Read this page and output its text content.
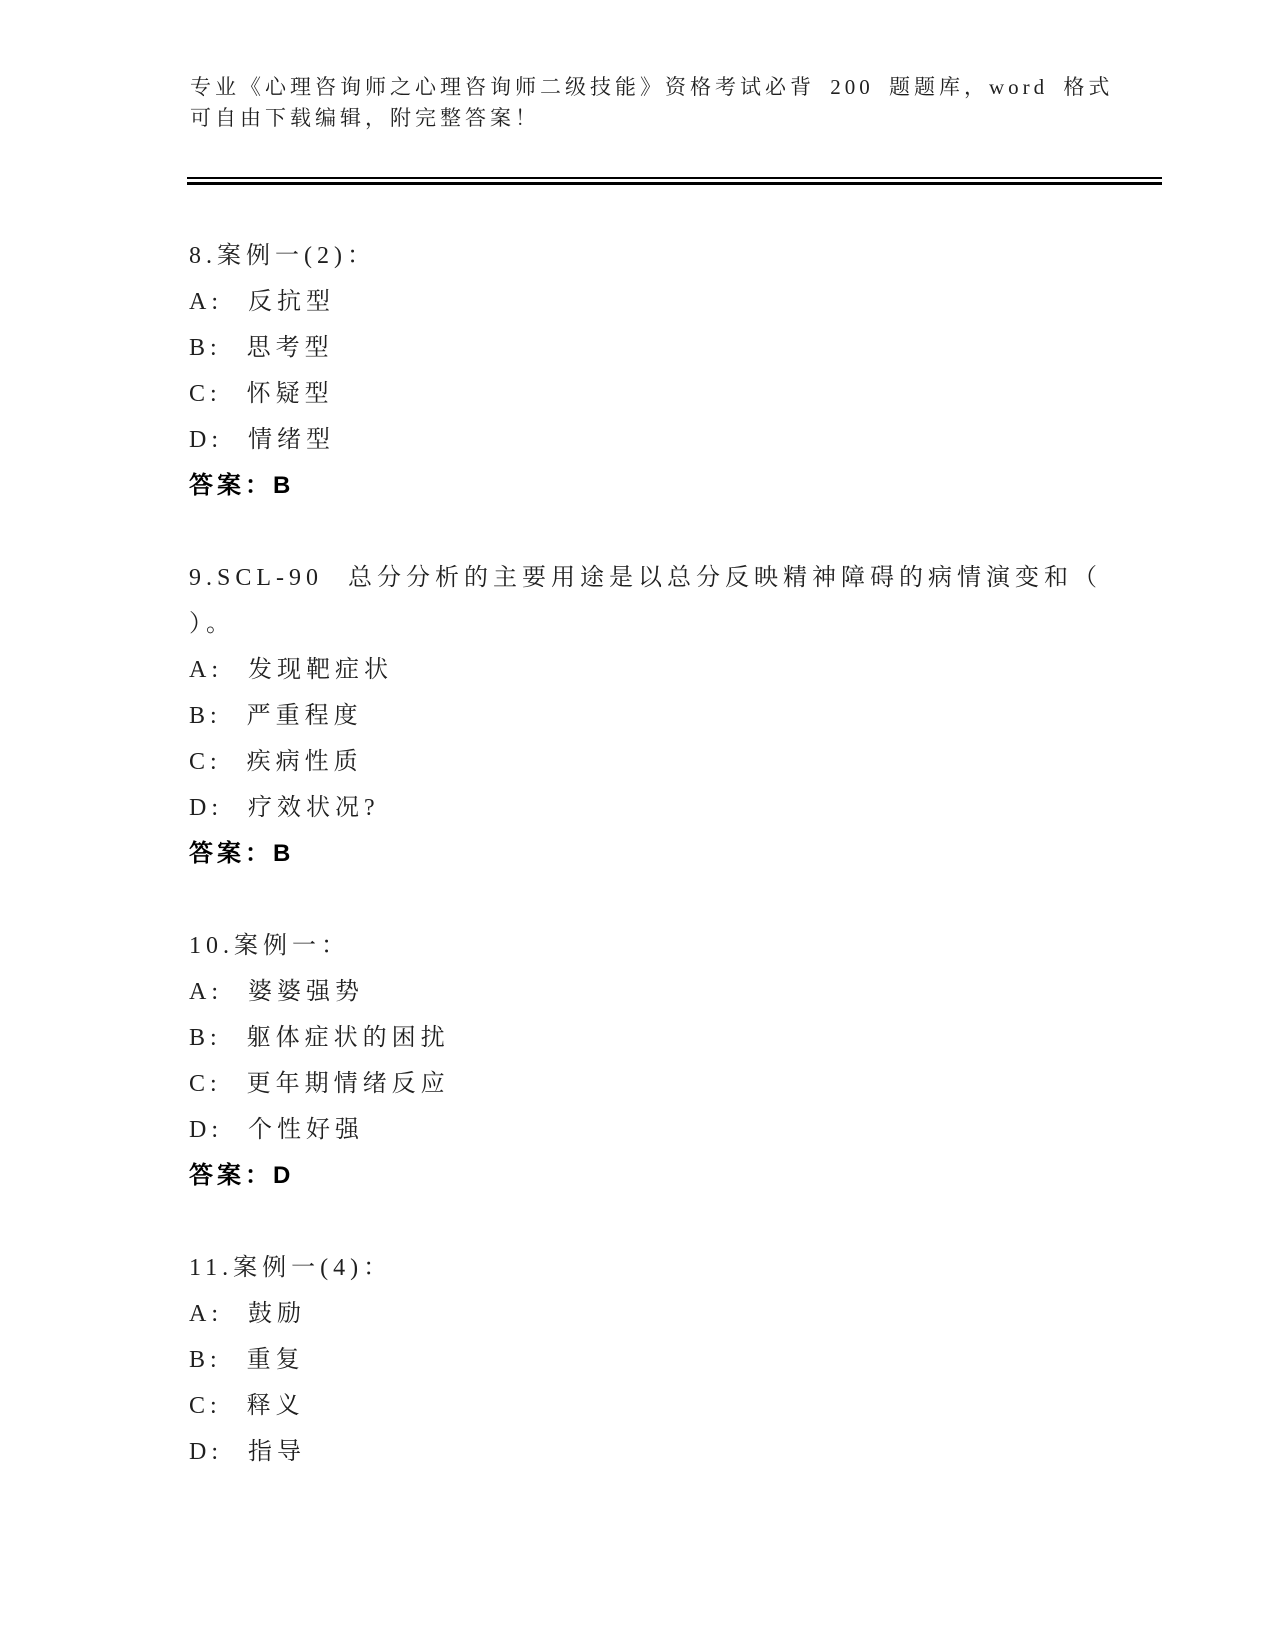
专业《心理咨询师之心理咨询师二级技能》资格考试必背 200 题题库，word 格式

可自由下载编辑，附完整答案！

8.案例一(2)：

A: 反抗型

B: 思考型

C: 怀疑型

D: 情绪型

答案：B

9.SCL-90 总分分析的主要用途是以总分反映精神障碍的病情演变和（

）。

A: 发现靶症状

B: 严重程度

C: 疾病性质

D: 疗效状况?

答案：B

10.案例一：

A: 婆婆强势

B: 躯体症状的困扰

C: 更年期情绪反应

D: 个性好强

答案：D

11.案例一(4)：

A: 鼓励

B: 重复

C: 释义

D: 指导
